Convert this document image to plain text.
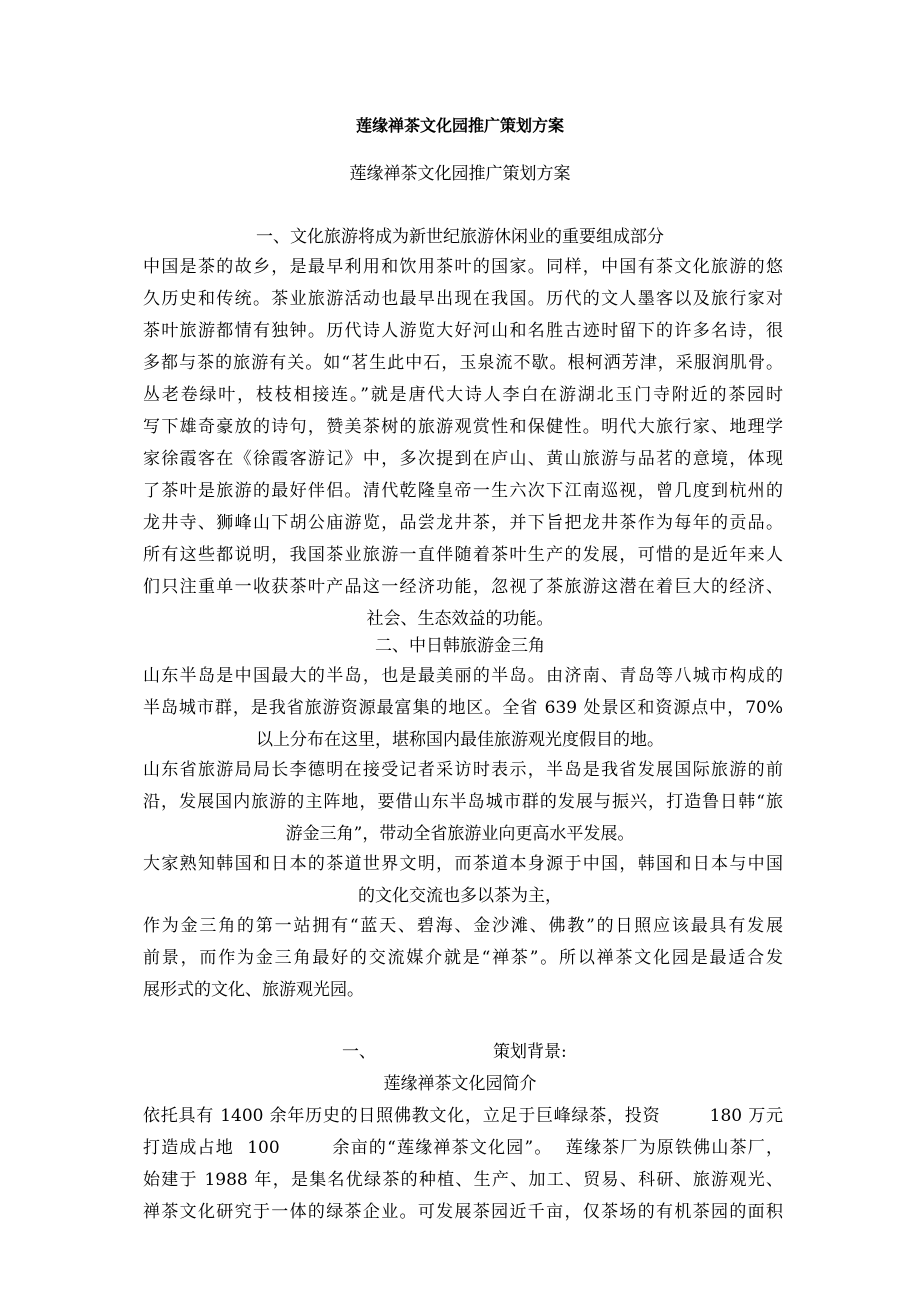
莲缘禅茶文化园推广策划方案
莲缘禅茶文化园推广策划方案
一、文化旅游将成为新世纪旅游休闲业的重要组成部分
中国是茶的故乡，是最早利用和饮用茶叶的国家。同样，中国有茶文化旅游的悠
久历史和传统。茶业旅游活动也最早出现在我国。历代的文人墨客以及旅行家对
茶叶旅游都情有独钟。历代诗人游览大好河山和名胜古迹时留下的许多名诗，很
多都与茶的旅游有关。如“茗生此中石，玉泉流不歇。根柯洒芳津，采服润肌骨。
丛老卷绿叶，枝枝相接连。”就是唐代大诗人李白在游湖北玉门寺附近的茶园时
写下雄奇豪放的诗句，赞美茶树的旅游观赏性和保健性。明代大旅行家、地理学
家徐霞客在《徐霞客游记》中，多次提到在庐山、黄山旅游与品茗的意境，体现
了茶叶是旅游的最好伴侣。清代乾隆皇帝一生六次下江南巡视，曾几度到杭州的
龙井寺、狮峰山下胡公庙游览，品尝龙井茶，并下旨把龙井茶作为每年的贡品。
所有这些都说明，我国茶业旅游一直伴随着茶叶生产的发展，可惜的是近年来人
们只注重单一收获茶叶产品这一经济功能，忽视了茶旅游这潜在着巨大的经济、
社会、生态效益的功能。
二、中日韩旅游金三角
山东半岛是中国最大的半岛，也是最美丽的半岛。由济南、青岛等八城市构成的
半岛城市群，是我省旅游资源最富集的地区。全省 639 处景区和资源点中，70%
以上分布在这里，堪称国内最佳旅游观光度假目的地。
山东省旅游局局长李德明在接受记者采访时表示，半岛是我省发展国际旅游的前
沿，发展国内旅游的主阵地，要借山东半岛城市群的发展与振兴，打造鲁日韩“旅
游金三角”，带动全省旅游业向更高水平发展。
大家熟知韩国和日本的茶道世界文明，而茶道本身源于中国，韩国和日本与中国
的文化交流也多以茶为主，
作为金三角的第一站拥有“蓝天、碧海、金沙滩、佛教”的日照应该最具有发展
前景，而作为金三角最好的交流媒介就是“禅茶”。所以禅茶文化园是最适合发
展形式的文化、旅游观光园。
一、	策划背景:
莲缘禅茶文化园简介
依托具有 1400 余年历史的日照佛教文化，立足于巨峰绿茶，投资        180 万元
打造成占地  100        余亩的“莲缘禅茶文化园”。  莲缘茶厂为原铁佛山茶厂，
始建于 1988 年，是集名优绿茶的种植、生产、加工、贸易、科研、旅游观光、
禅茶文化研究于一体的绿茶企业。可发展茶园近千亩，仅茶场的有机茶园的面积
